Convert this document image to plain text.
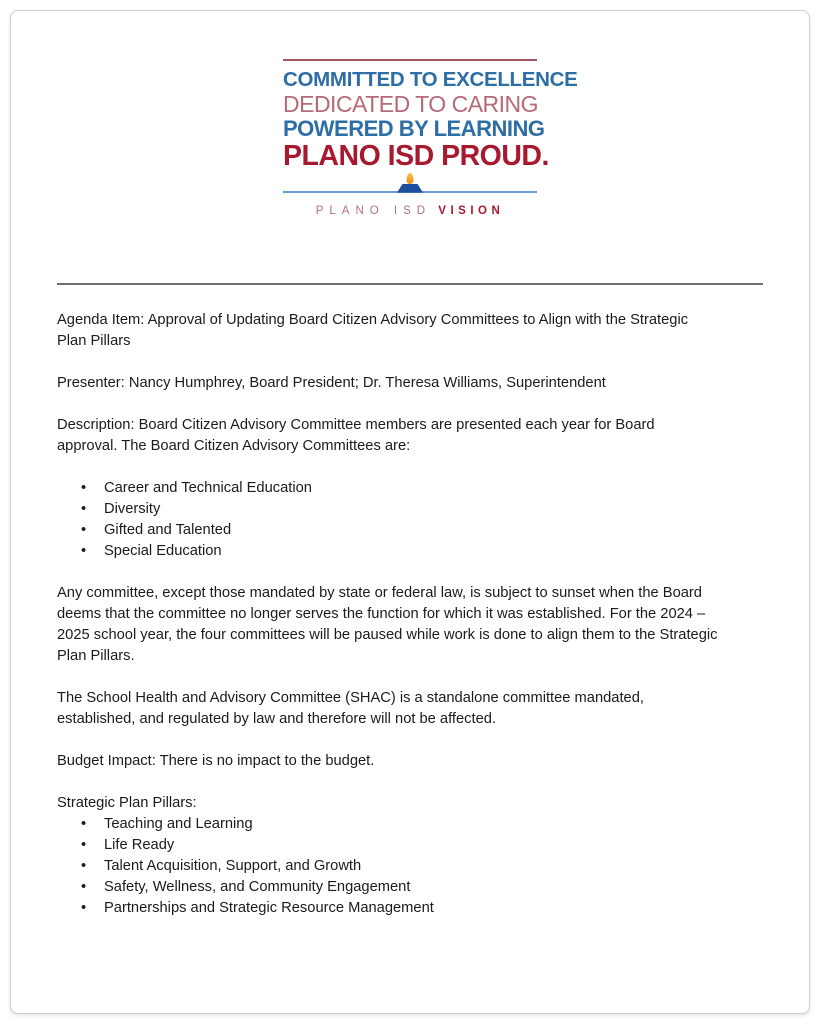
COMMITTED TO EXCELLENCE
DEDICATED TO CARING
POWERED BY LEARNING
PLANO ISD PROUD.
PLANO ISD VISION
Agenda Item: Approval of Updating Board Citizen Advisory Committees to Align with the Strategic
Plan Pillars
Presenter: Nancy Humphrey, Board President; Dr. Theresa Williams, Superintendent
Description: Board Citizen Advisory Committee members are presented each year for Board
approval. The Board Citizen Advisory Committees are:
• Career and Technical Education
• Diversity
• Gifted and Talented
• Special Education
Any committee, except those mandated by state or federal law, is subject to sunset when the Board
deems that the committee no longer serves the function for which it was established. For the 2024 –
2025 school year, the four committees will be paused while work is done to align them to the Strategic
Plan Pillars.
The School Health and Advisory Committee (SHAC) is a standalone committee mandated,
established, and regulated by law and therefore will not be affected.
Budget Impact: There is no impact to the budget.
Strategic Plan Pillars:
• Teaching and Learning
• Life Ready
• Talent Acquisition, Support, and Growth
• Safety, Wellness, and Community Engagement
• Partnerships and Strategic Resource Management
